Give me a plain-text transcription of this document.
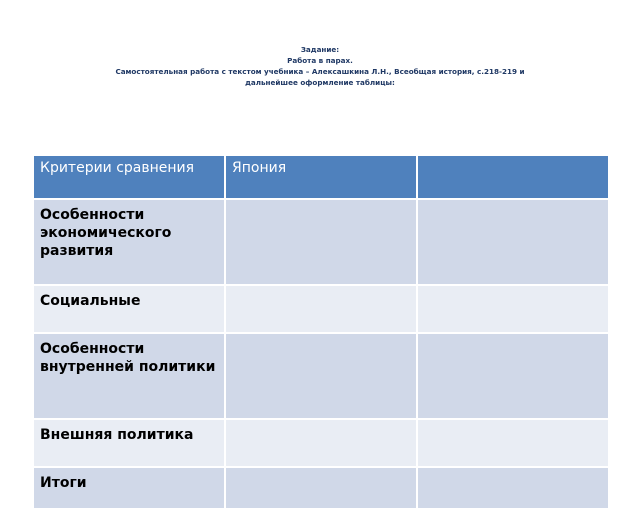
Задание:
Работа в парах.
Самостоятельная работа с текстом учебника – Алексашкина Л.Н., Всеобщая история, с.218-219 и
дальнейшее оформление таблицы:
Критерии сравнения	Япония	
Особенности экономического развития		
Социальные		
Особенности внутренней политики		
Внешняя политика		
Итоги		
